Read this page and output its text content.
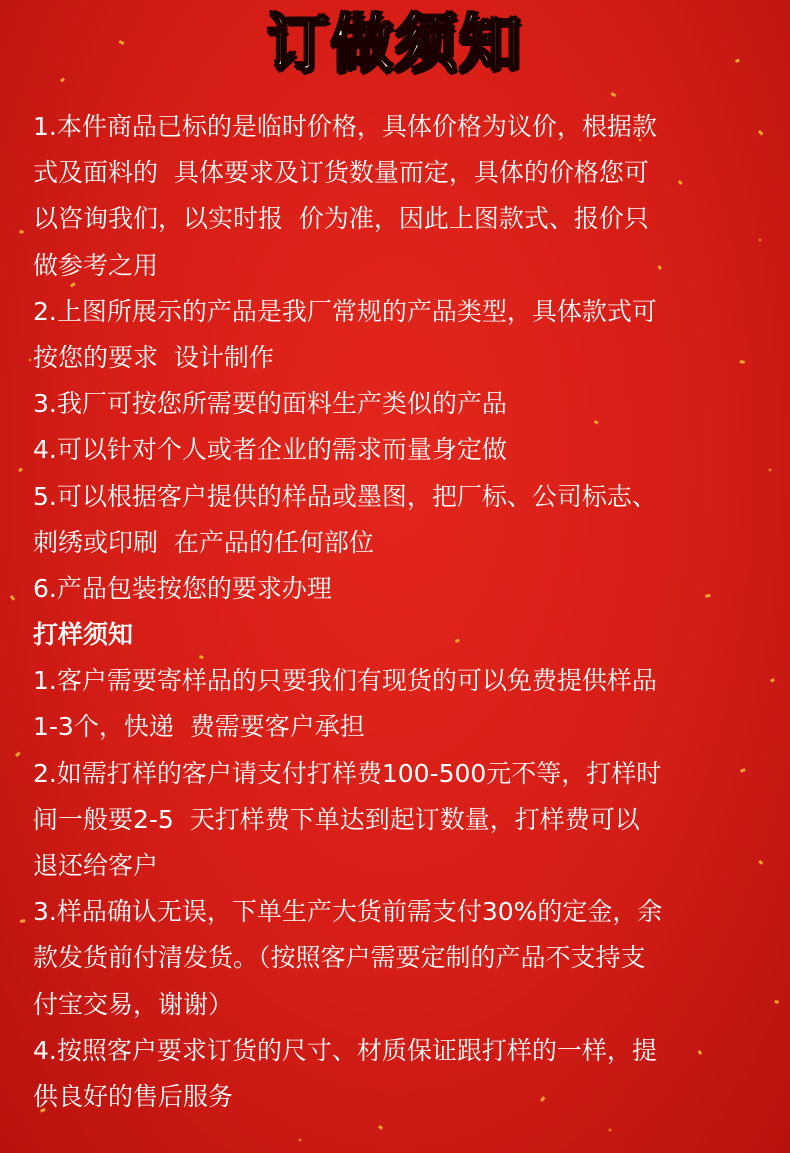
订做须知
1.本件商品已标的是临时价格，具体价格为议价，根据款
式及面料的  具体要求及订货数量而定，具体的价格您可
以咨询我们，以实时报  价为准，因此上图款式、报价只
做参考之用
2.上图所展示的产品是我厂常规的产品类型，具体款式可
按您的要求  设计制作
3.我厂可按您所需要的面料生产类似的产品
4.可以针对个人或者企业的需求而量身定做
5.可以根据客户提供的样品或墨图，把厂标、公司标志、
刺绣或印刷  在产品的任何部位
6.产品包装按您的要求办理
打样须知
1.客户需要寄样品的只要我们有现货的可以免费提供样品
1-3个，快递  费需要客户承担
2.如需打样的客户请支付打样费100-500元不等，打样时
间一般要2-5  天打样费下单达到起订数量，打样费可以
退还给客户
3.样品确认无误，下单生产大货前需支付30%的定金，余
款发货前付清发货。（按照客户需要定制的产品不支持支
付宝交易，谢谢）
4.按照客户要求订货的尺寸、材质保证跟打样的一样，提
供良好的售后服务
